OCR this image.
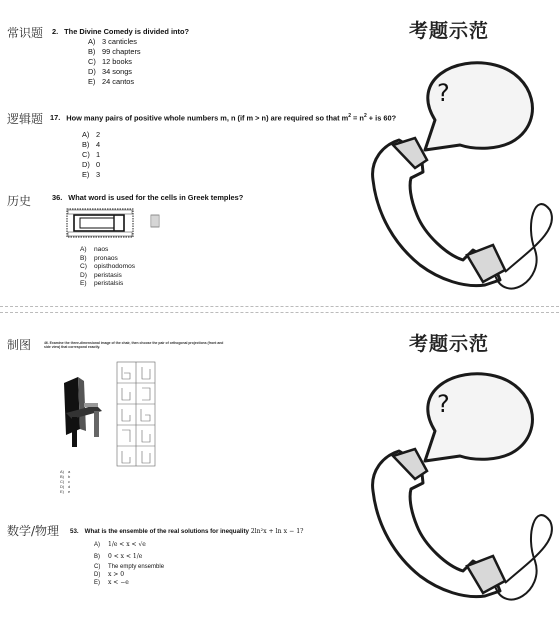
考题示范
常识题
逻辑题
历史
2. The Divine Comedy is divided into?
A) 3 canticles
B) 99 chapters
C) 12 books
D) 34 songs
E) 24 cantos
17. How many pairs of positive whole numbers m, n (if m > n) are required so that $m^2 = n^2$ + is 60?
A) 2
B) 4
C) 1
D) 0
E) 3
36. What word is used for the cells in Greek temples?
A) naos
B) pronaos
C) opisthodomos
D) peristasis
E) peristalsis
?
考题示范
制图
数学/物理
46. Examine the three-dimensional image of the chair, then choose the pair of orthogonal projections (front and side view) that correspond exactly.
A) a
B) b
C) c
D) d
E) e
53. What is the ensemble of the real solutions for inequality 2ln²x + ln x − 1?
A) 1/e < x < √e
B) 0 < x < 1/e
C) The empty ensemble
D) x > 0
E) x < −e
?
